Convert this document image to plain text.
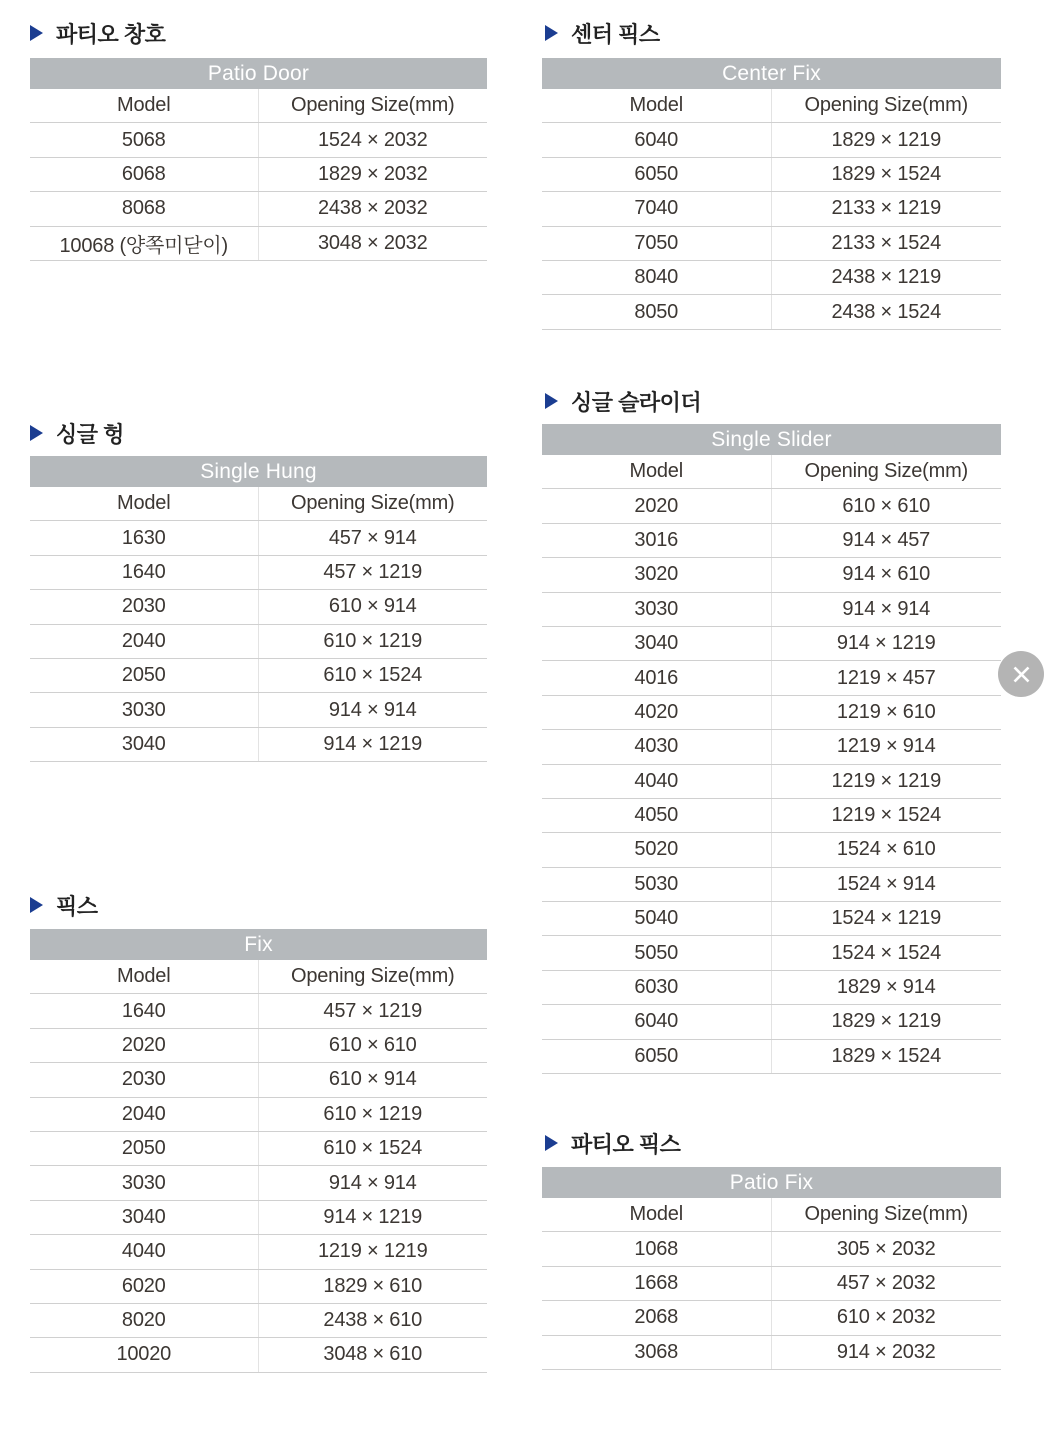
파티오 창호
Patio Door
Model	Opening Size(mm)
5068	1524 × 2032
6068	1829 × 2032
8068	2438 × 2032
10068 (양쪽미닫이)	3048 × 2032
센터 픽스
Center Fix
Model	Opening Size(mm)
6040	1829 × 1219
6050	1829 × 1524
7040	2133 × 1219
7050	2133 × 1524
8040	2438 × 1219
8050	2438 × 1524
싱글 헝
Single Hung
Model	Opening Size(mm)
1630	457 × 914
1640	457 × 1219
2030	610 × 914
2040	610 × 1219
2050	610 × 1524
3030	914 × 914
3040	914 × 1219
싱글 슬라이더
Single Slider
Model	Opening Size(mm)
2020	610 × 610
3016	914 × 457
3020	914 × 610
3030	914 × 914
3040	914 × 1219
4016	1219 × 457
4020	1219 × 610
4030	1219 × 914
4040	1219 × 1219
4050	1219 × 1524
5020	1524 × 610
5030	1524 × 914
5040	1524 × 1219
5050	1524 × 1524
6030	1829 × 914
6040	1829 × 1219
6050	1829 × 1524
픽스
Fix
Model	Opening Size(mm)
1640	457 × 1219
2020	610 × 610
2030	610 × 914
2040	610 × 1219
2050	610 × 1524
3030	914 × 914
3040	914 × 1219
4040	1219 × 1219
6020	1829 × 610
8020	2438 × 610
10020	3048 × 610
파티오 픽스
Patio Fix
Model	Opening Size(mm)
1068	305 × 2032
1668	457 × 2032
2068	610 × 2032
3068	914 × 2032
